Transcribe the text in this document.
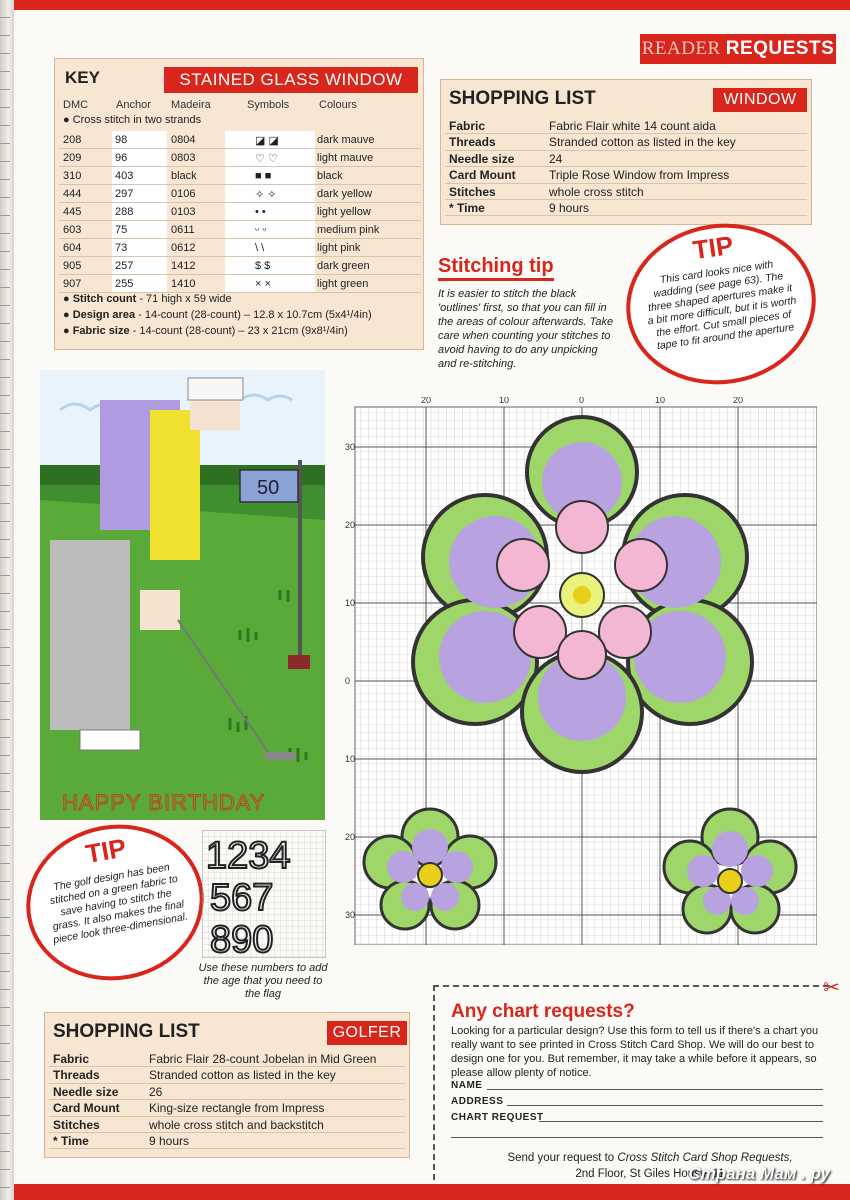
READER REQUESTS
KEY	STAINED GLASS WINDOW
DMC	Anchor Madeira	Symbols	Colours
● Cross stitch in two strands
208	98	0804	◪ ◪	dark mauve
209	96	0803	♡ ♡	light mauve
310	403	black	■ ■	black
444	297	0106	✧ ✧	dark yellow
445	288	0103	• •	light yellow
603	75	0611	ᵕ ᵕ	medium pink
604	73	0612	\ \	light pink
905	257	1412	$ $	dark green
907	255	1410	× ×	light green
● Stitch count - 71 high x 59 wide
● Design area - 14-count (28-count) – 12.8 x 10.7cm (5x4¹/4in)
● Fabric size - 14-count (28-count) – 23 x 21cm (9x8¹/4in)
SHOPPING LIST	WINDOW
Fabric	Fabric Flair white 14 count aida
Threads	Stranded cotton as listed in the key
Needle size	24
Card Mount	Triple Rose Window from Impress
Stitches	whole cross stitch
* Time	9 hours
Stitching tip
It is easier to stitch the black 'outlines' first, so that you can fill in the areas of colour afterwards. Take care when counting your stitches to avoid having to do any unpicking and re-stitching.
TIP
This card looks nice with wadding (see page 63). The three shaped apertures make it a bit more difficult, but it is worth the effort. Cut small pieces of tape to fit around the aperture
50
HAPPY BIRTHDAY
TIP
The golf design has been stitched on a green fabric to save having to stitch the grass. It also makes the final piece look three-dimensional.
1234
567
890
Use these numbers to add the age that you need to the flag
20	10	0	10	20
30
20
10
0
10
20
30
SHOPPING LIST	GOLFER
Fabric	Fabric Flair 28-count Jobelan in Mid Green
Threads	Stranded cotton as listed in the key
Needle size	26
Card Mount King-size rectangle from Impress
Stitches	whole cross stitch and backstitch
* Time	9 hours
✂
Any chart requests?
Looking for a particular design? Use this form to tell us if there's a chart you really want to see printed in Cross Stitch Card Shop. We will do our best to design one for you. But remember, it may take a while before it appears, so please allow plenty of notice.
NAME
ADDRESS
CHART REQUEST
Send your request to Cross Stitch Card Shop Requests,
2nd Floor, St Giles House, 11
Страна Мам . ру
